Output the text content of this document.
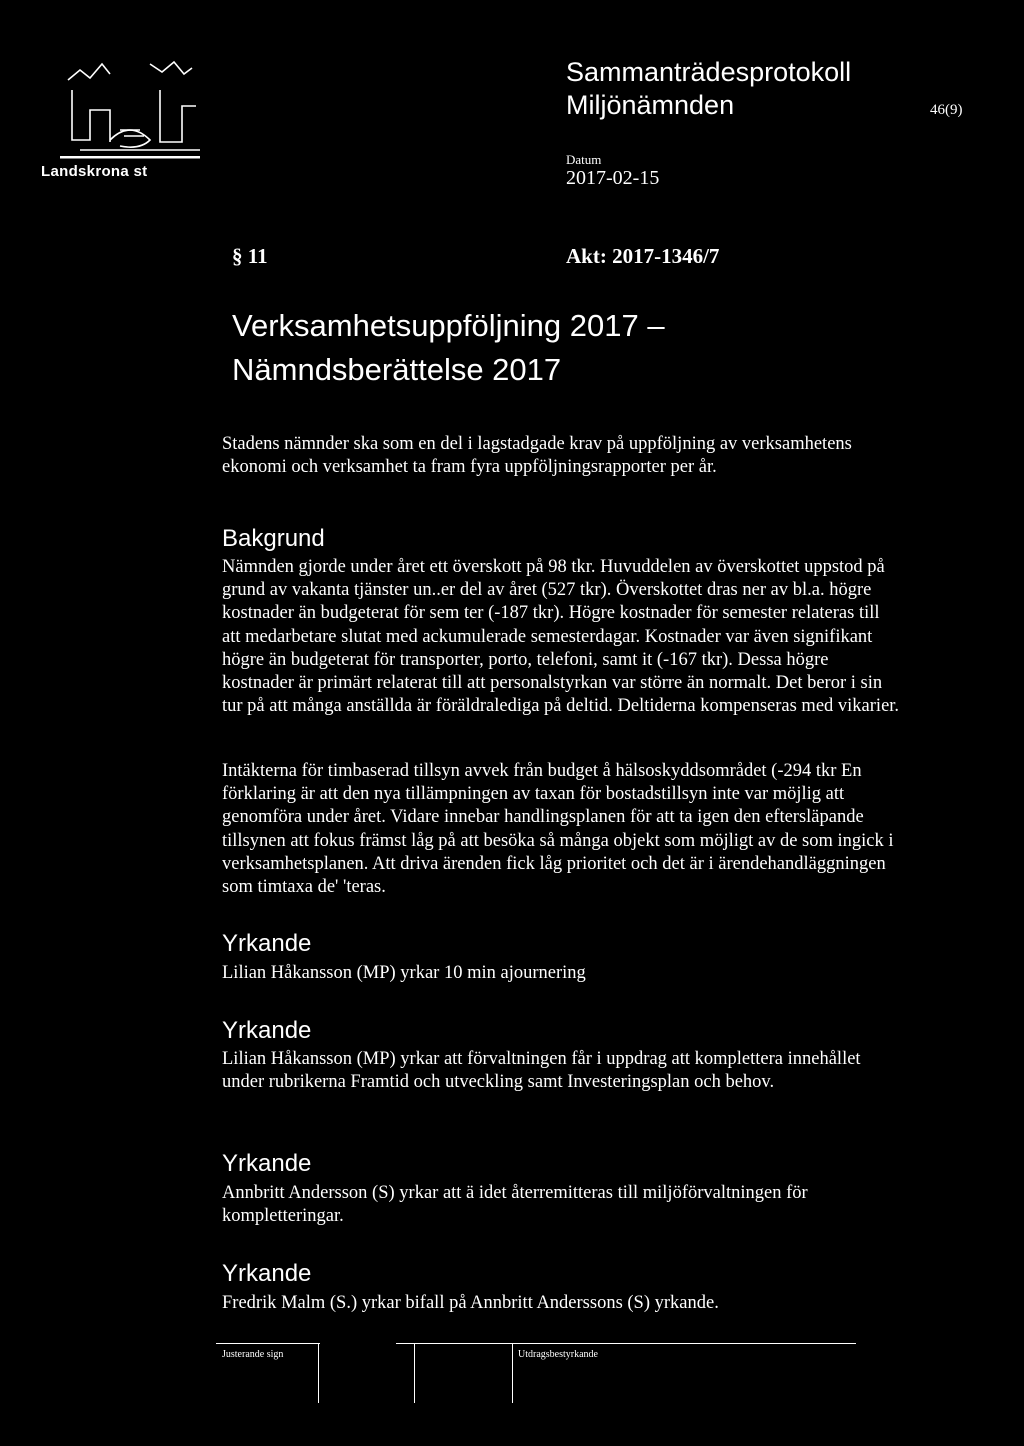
Landskrona st
Sammanträdesprotokoll
Miljönämnden	46(9)
Datum
2017-02-15
§ 11	Akt: 2017-1346/7
Verksamhetsuppföljning 2017 –
Nämndsberättelse 2017

Stadens nämnder ska som en del i lagstadgade krav på uppföljning av verksamhetens ekonomi och verksamhet ta fram fyra uppföljningsrapporter per år.

Bakgrund

Nämnden gjorde under året ett överskott på 98 tkr. Huvuddelen av överskottet uppstod på grund av vakanta tjänster un..er del av året (527 tkr). Överskottet dras ner av bl.a. högre kostnader än budgeterat för sem ter (-187 tkr). Högre kostnader för semester relateras till att medarbetare slutat med ackumulerade semesterdagar. Kostnader var även signifikant högre än budgeterat för transporter, porto, telefoni, samt it (-167 tkr). Dessa högre kostnader är primärt relaterat till att personalstyrkan var större än normalt. Det beror i sin tur på att många anställda är föräldralediga på deltid. Deltiderna kompenseras med vikarier.

Intäkterna för timbaserad tillsyn avvek från budget å hälsoskyddsområdet (-294 tkr En förklaring är att den nya tillämpningen av taxan för bostadstillsyn inte var möjlig att genomföra under året. Vidare innebar handlingsplanen för att ta igen den eftersläpande tillsynen att fokus främst låg på att besöka så många objekt som möjligt av de som ingick i verksamhetsplanen. Att driva ärenden fick låg prioritet och det är i ärendehandläggningen som timtaxa de' 'teras.

Yrkande

Lilian Håkansson (MP) yrkar 10 min ajournering

Yrkande

Lilian Håkansson (MP) yrkar att förvaltningen får i uppdrag att komplettera innehållet under rubrikerna Framtid och utveckling samt Investeringsplan och behov.

Yrkande

Annbritt Andersson (S) yrkar att ä idet återremitteras till miljöförvaltningen för kompletteringar.

Yrkande

Fredrik Malm (S.) yrkar bifall på Annbritt Anderssons (S) yrkande.

Justerande sign	Utdragsbestyrkande
